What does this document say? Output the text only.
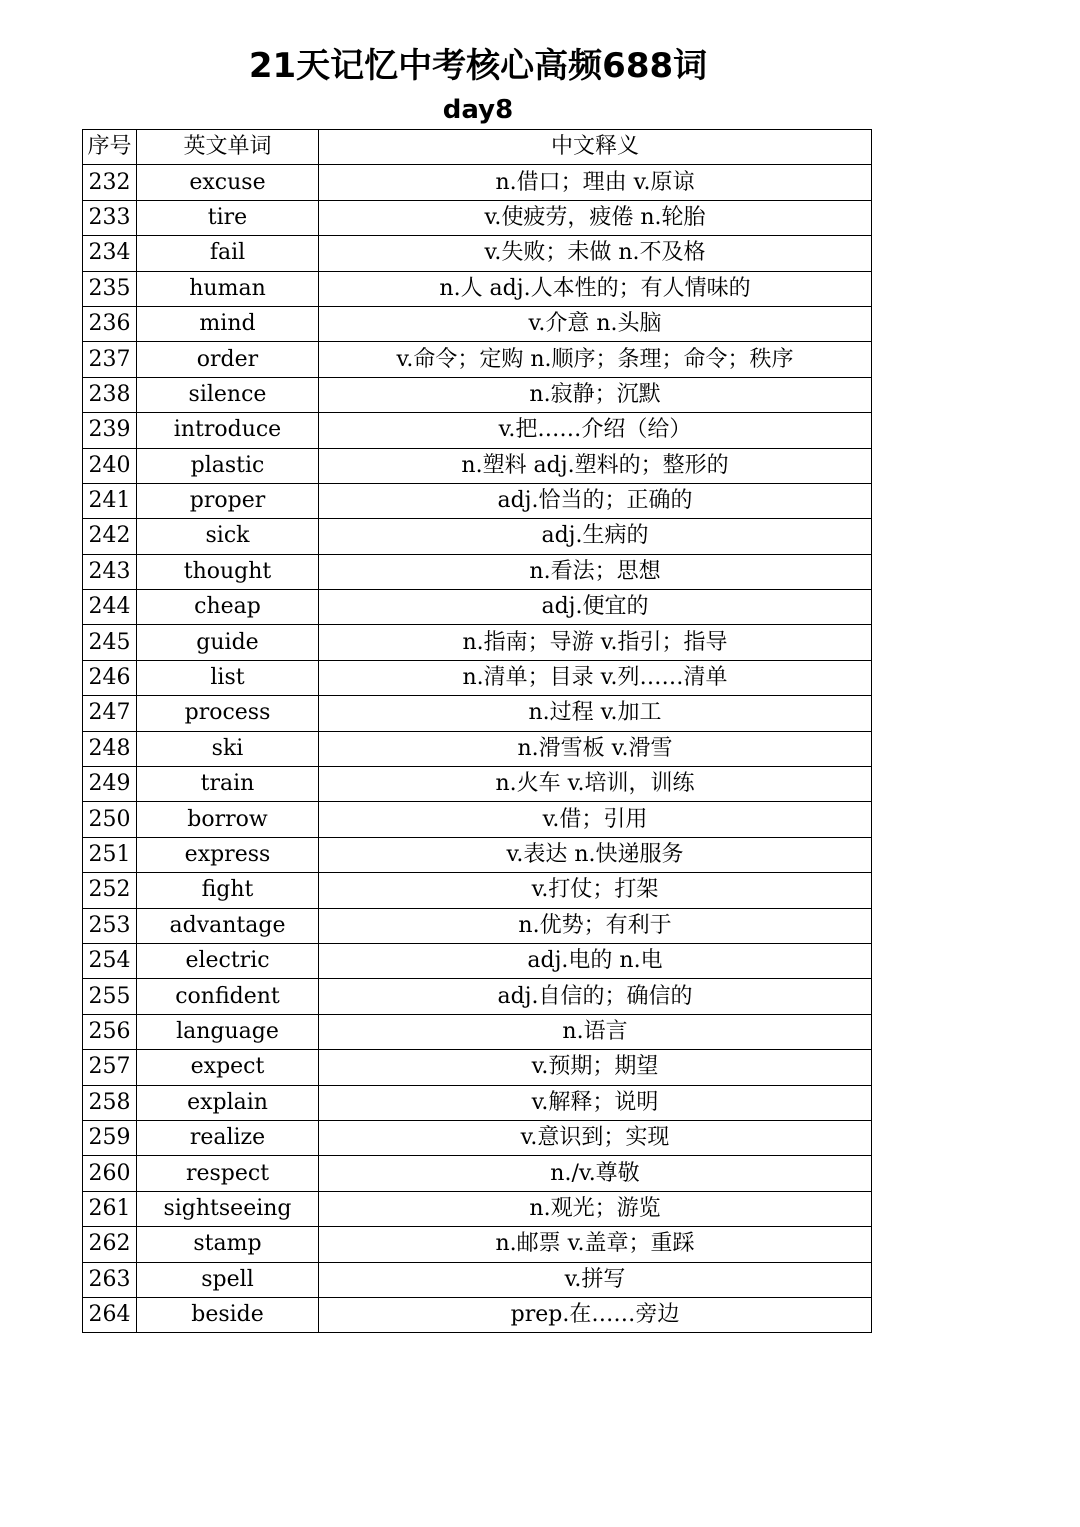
21天记忆中考核心高频688词
day8
序号	英文单词	中文释义
232	excuse	n.借口；理由 v.原谅
233	tire	v.使疲劳，疲倦 n.轮胎
234	fail	v.失败；未做 n.不及格
235	human	n.人 adj.人本性的；有人情味的
236	mind	v.介意 n.头脑
237	order	v.命令；定购 n.顺序；条理；命令；秩序
238	silence	n.寂静；沉默
239	introduce	v.把……介绍（给）
240	plastic	n.塑料 adj.塑料的；整形的
241	proper	adj.恰当的；正确的
242	sick	adj.生病的
243	thought	n.看法；思想
244	cheap	adj.便宜的
245	guide	n.指南；导游 v.指引；指导
246	list	n.清单；目录 v.列……清单
247	process	n.过程 v.加工
248	ski	n.滑雪板 v.滑雪
249	train	n.火车 v.培训，训练
250	borrow	v.借；引用
251	express	v.表达 n.快递服务
252	fight	v.打仗；打架
253	advantage	n.优势；有利于
254	electric	adj.电的 n.电
255	confident	adj.自信的；确信的
256	language	n.语言
257	expect	v.预期；期望
258	explain	v.解释；说明
259	realize	v.意识到；实现
260	respect	n./v.尊敬
261	sightseeing	n.观光；游览
262	stamp	n.邮票 v.盖章；重踩
263	spell	v.拼写
264	beside	prep.在……旁边
